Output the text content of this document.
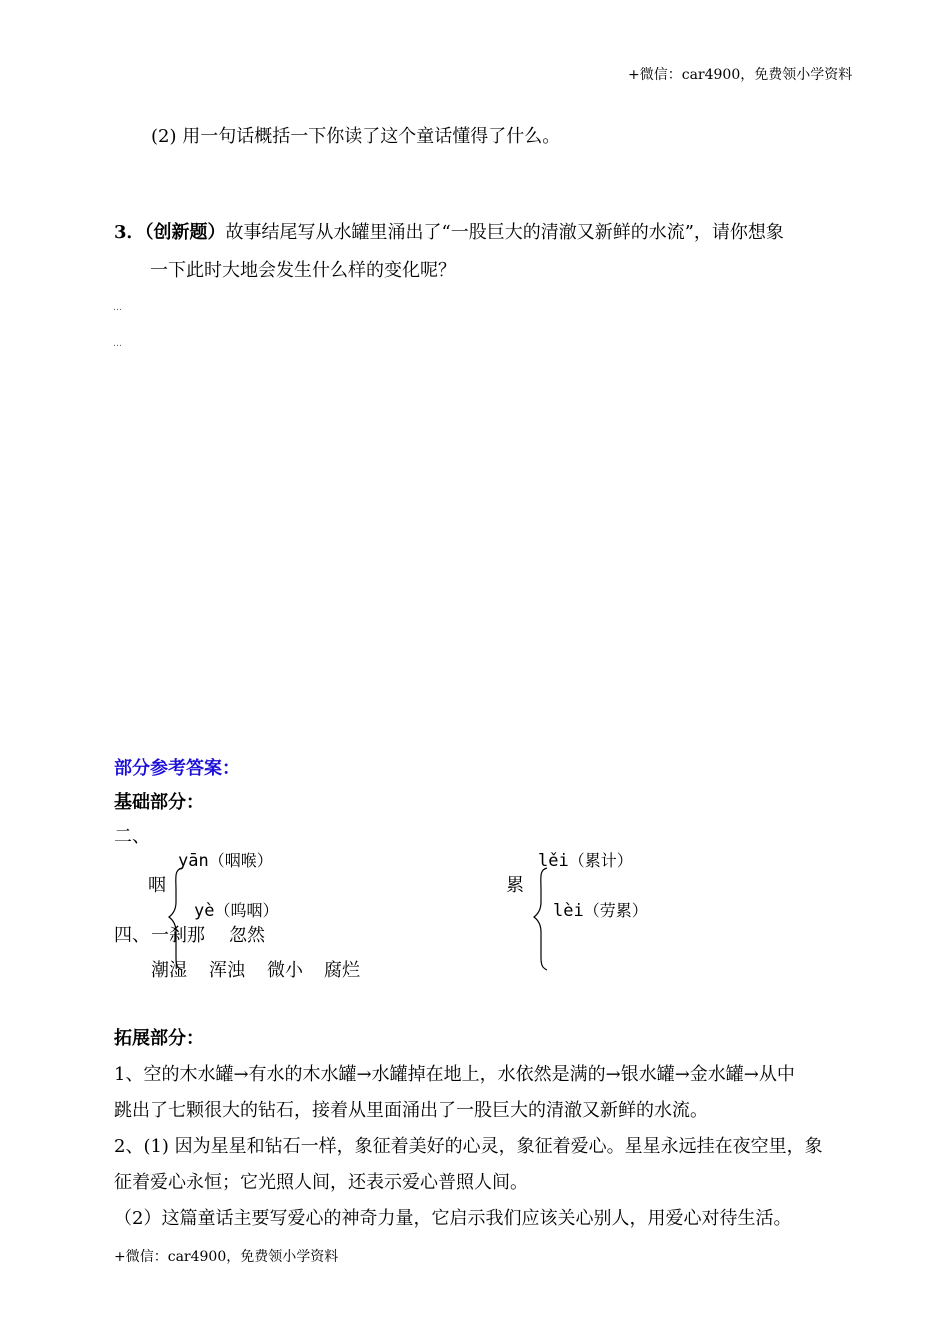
+微信：car4900，免费领小学资料
(2) 用一句话概括一下你读了这个童话懂得了什么。
3．（创新题）故事结尾写从水罐里涌出了“一股巨大的清澈又新鲜的水流”，请你想象
一下此时大地会发生什么样的变化呢？
…
…
部分参考答案：
基础部分：
二、
yān（咽喉）
咽
yè（呜咽）
lěi（累计）
累
lèi（劳累）
四、 一刹那 忽然
潮湿 浑浊 微小 腐烂
拓展部分：
1、空的木水罐→有水的木水罐→水罐掉在地上，水依然是满的→银水罐→金水罐→从中
跳出了七颗很大的钻石，接着从里面涌出了一股巨大的清澈又新鲜的水流。
2、(1) 因为星星和钻石一样，象征着美好的心灵，象征着爱心。星星永远挂在夜空里，象
征着爱心永恒；它光照人间，还表示爱心普照人间。
（2）这篇童话主要写爱心的神奇力量，它启示我们应该关心别人，用爱心对待生活。
+微信：car4900，免费领小学资料
